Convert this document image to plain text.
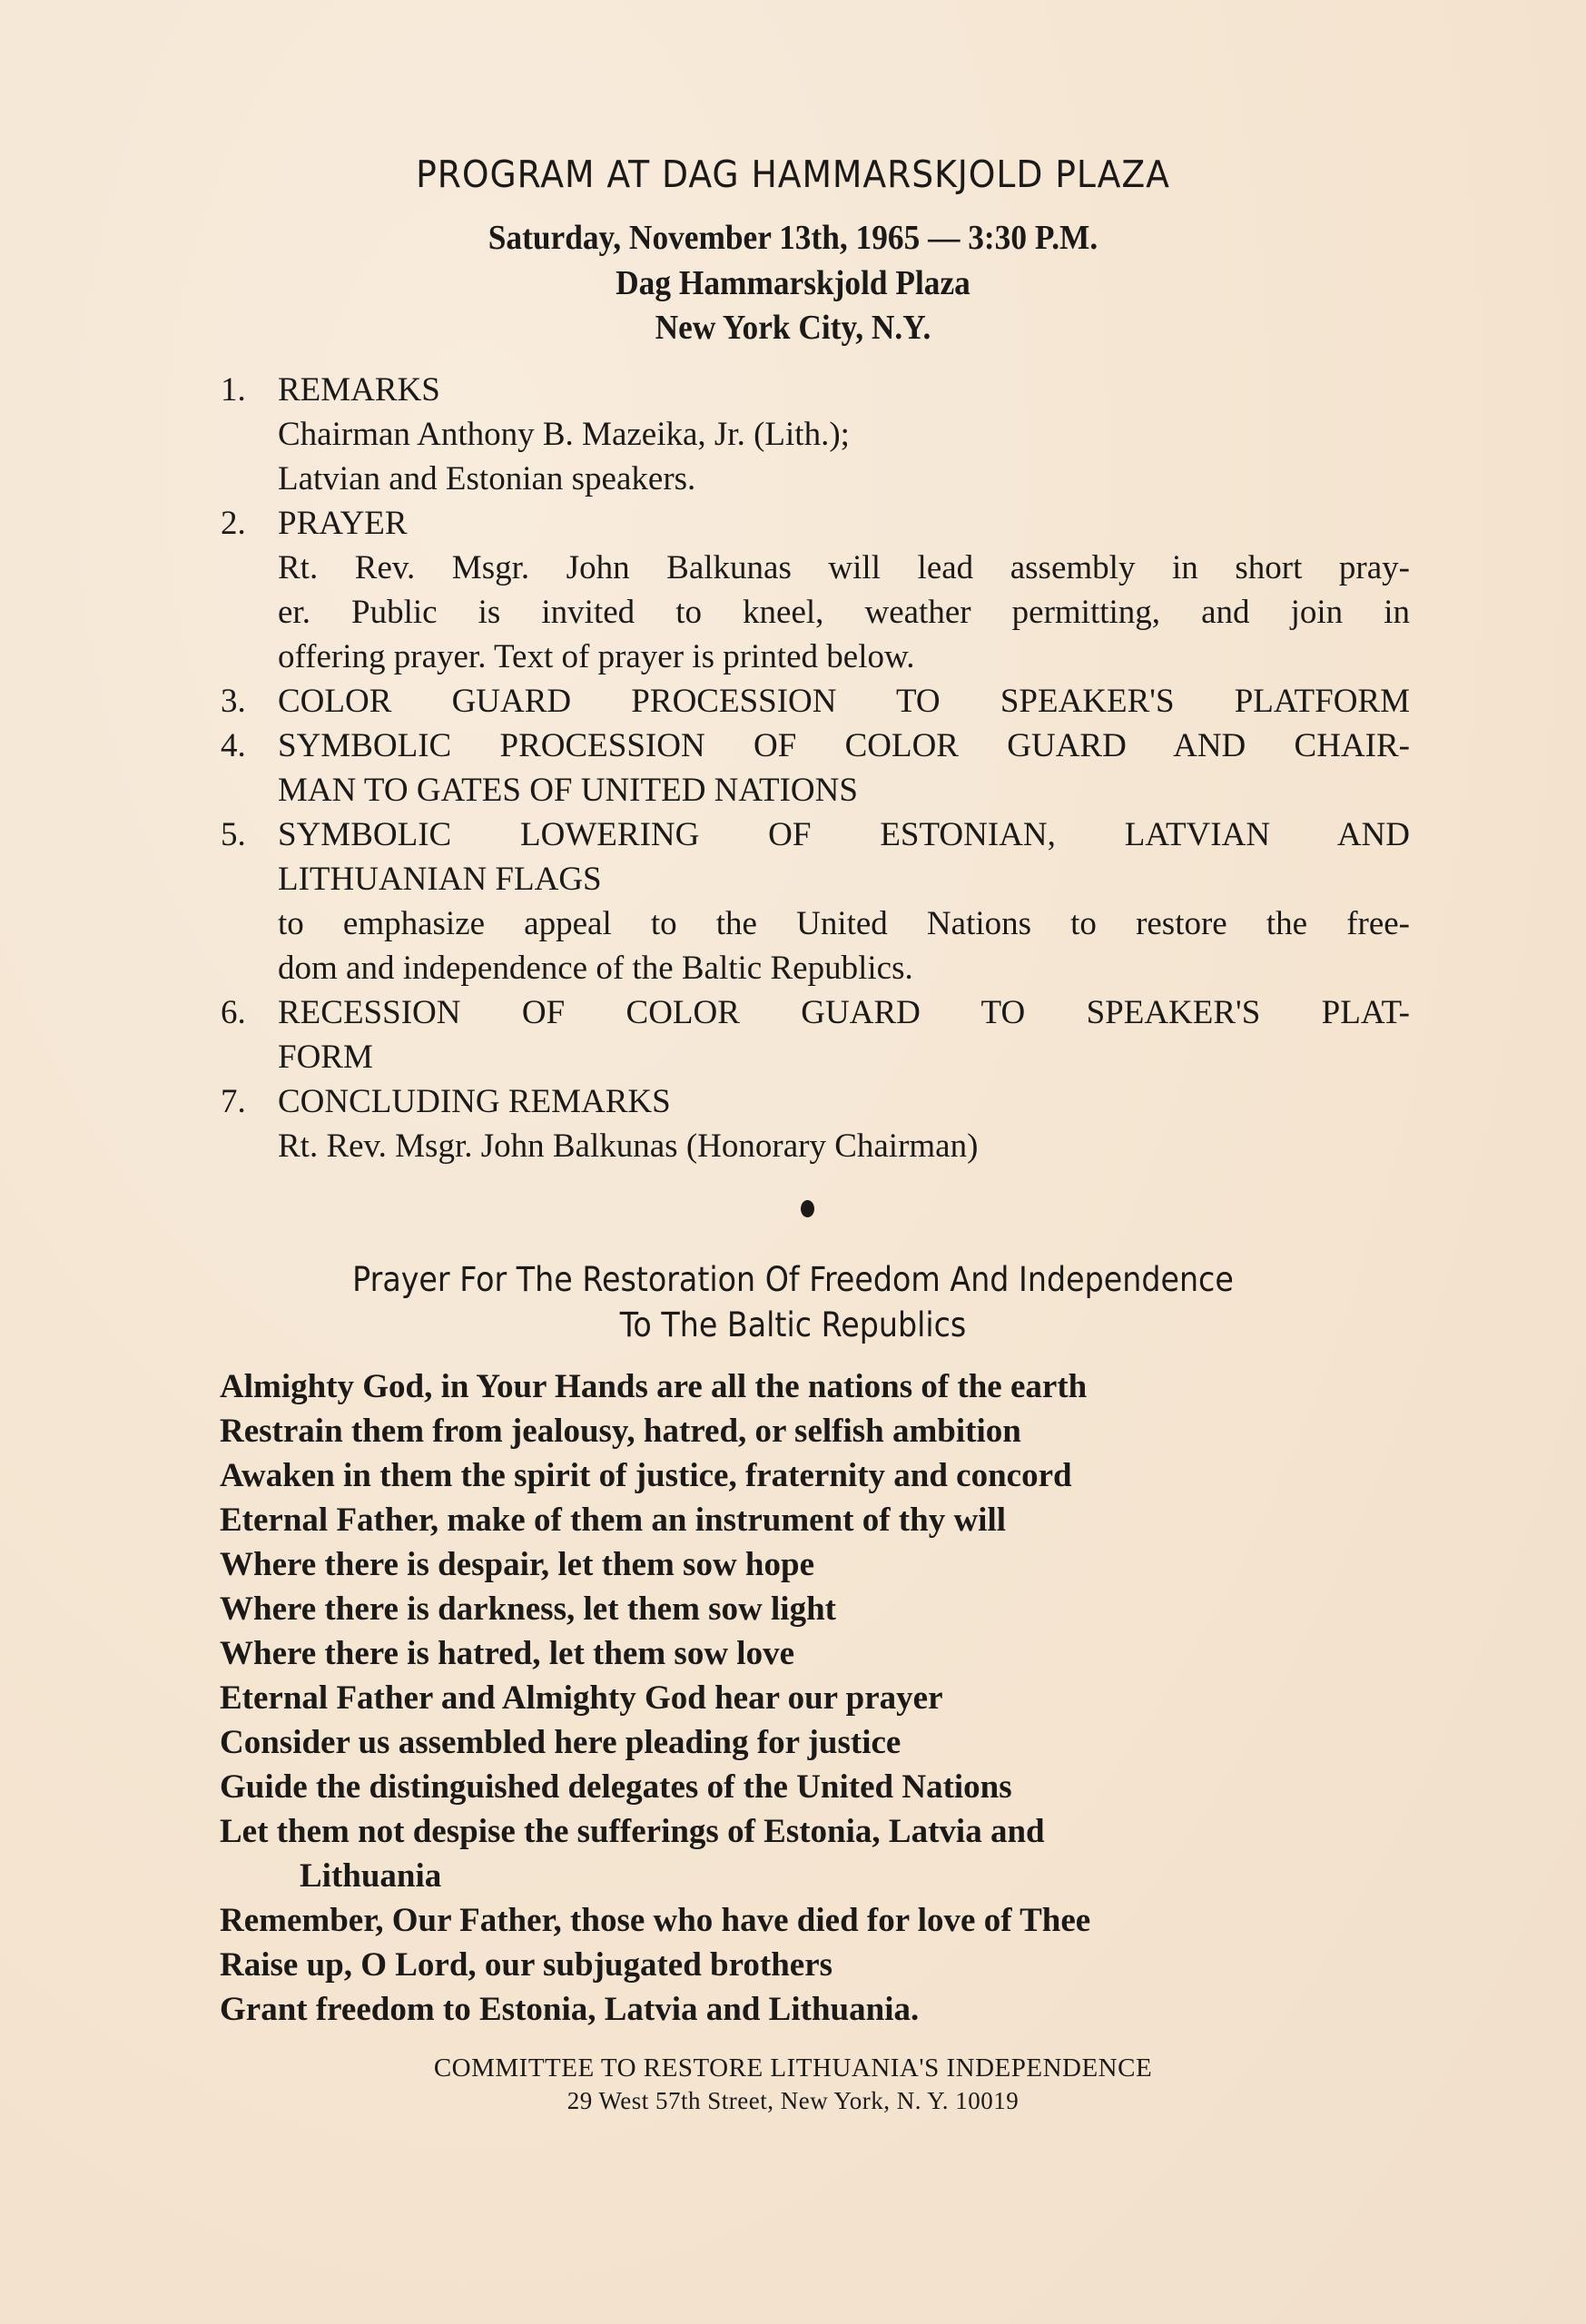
PROGRAM AT DAG HAMMARSKJOLD PLAZA
Saturday, November 13th, 1965 — 3:30 P.M.
Dag Hammarskjold Plaza
New York City, N.Y.
1. REMARKS
Chairman Anthony B. Mazeika, Jr. (Lith.);
Latvian and Estonian speakers.
2. PRAYER
Rt. Rev. Msgr. John Balkunas will lead assembly in short pray-
er. Public is invited to kneel, weather permitting, and join in
offering prayer. Text of prayer is printed below.
3. COLOR GUARD PROCESSION TO SPEAKER'S PLATFORM
4. SYMBOLIC PROCESSION OF COLOR GUARD AND CHAIR-
MAN TO GATES OF UNITED NATIONS
5. SYMBOLIC LOWERING OF ESTONIAN, LATVIAN AND
LITHUANIAN FLAGS
to emphasize appeal to the United Nations to restore the free-
dom and independence of the Baltic Republics.
6. RECESSION OF COLOR GUARD TO SPEAKER'S PLAT-
FORM
7. CONCLUDING REMARKS
Rt. Rev. Msgr. John Balkunas (Honorary Chairman)
Prayer For The Restoration Of Freedom And Independence
To The Baltic Republics
Almighty God, in Your Hands are all the nations of the earth
Restrain them from jealousy, hatred, or selfish ambition
Awaken in them the spirit of justice, fraternity and concord
Eternal Father, make of them an instrument of thy will
Where there is despair, let them sow hope
Where there is darkness, let them sow light
Where there is hatred, let them sow love
Eternal Father and Almighty God hear our prayer
Consider us assembled here pleading for justice
Guide the distinguished delegates of the United Nations
Let them not despise the sufferings of Estonia, Latvia and
Lithuania
Remember, Our Father, those who have died for love of Thee
Raise up, O Lord, our subjugated brothers
Grant freedom to Estonia, Latvia and Lithuania.
COMMITTEE TO RESTORE LITHUANIA'S INDEPENDENCE
29 West 57th Street, New York, N. Y. 10019
